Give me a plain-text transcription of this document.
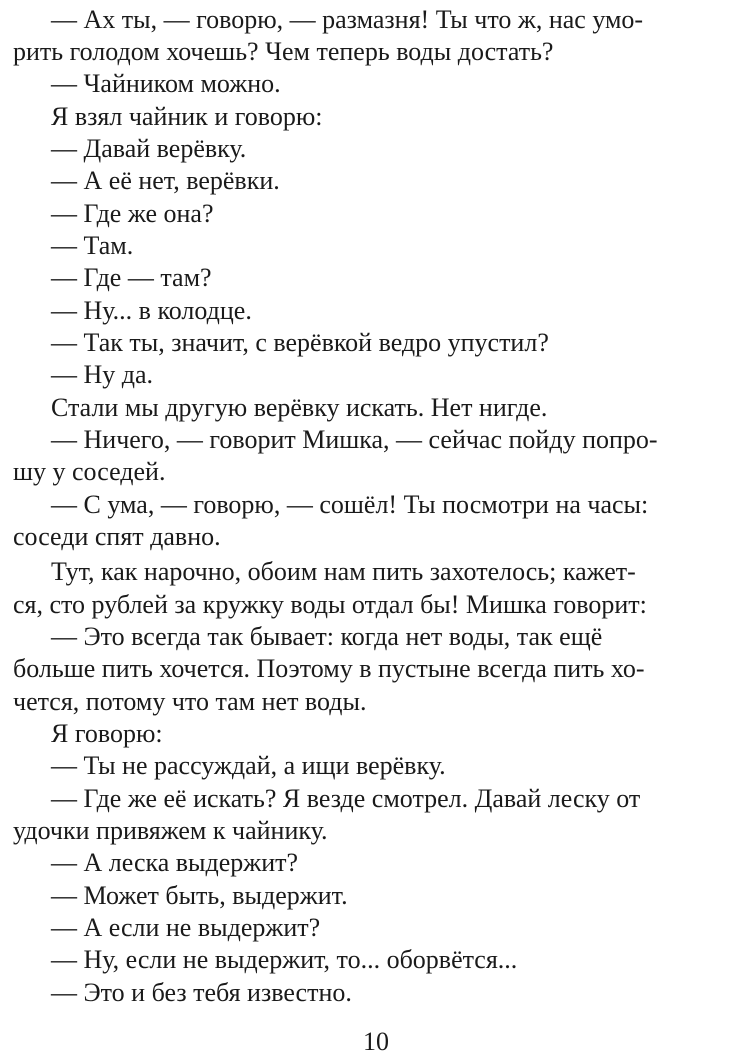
— Ах ты, — говорю, — размазня! Ты что ж, нас умо-
рить голодом хочешь? Чем теперь воды достать?
— Чайником можно.
Я взял чайник и говорю:
— Давай верёвку.
— А её нет, верёвки.
— Где же она?
— Там.
— Где — там?
— Ну... в колодце.
— Так ты, значит, с верёвкой ведро упустил?
— Ну да.
Стали мы другую верёвку искать. Нет нигде.
— Ничего, — говорит Мишка, — сейчас пойду попро-
шу у соседей.
— С ума, — говорю, — сошёл! Ты посмотри на часы:
соседи спят давно.
Тут, как нарочно, обоим нам пить захотелось; кажет-
ся, сто рублей за кружку воды отдал бы! Мишка говорит:
— Это всегда так бывает: когда нет воды, так ещё
больше пить хочется. Поэтому в пустыне всегда пить хо-
чется, потому что там нет воды.
Я говорю:
— Ты не рассуждай, а ищи верёвку.
— Где же её искать? Я везде смотрел. Давай леску от
удочки привяжем к чайнику.
— А леска выдержит?
— Может быть, выдержит.
— А если не выдержит?
— Ну, если не выдержит, то... оборвётся...
— Это и без тебя известно.
10
